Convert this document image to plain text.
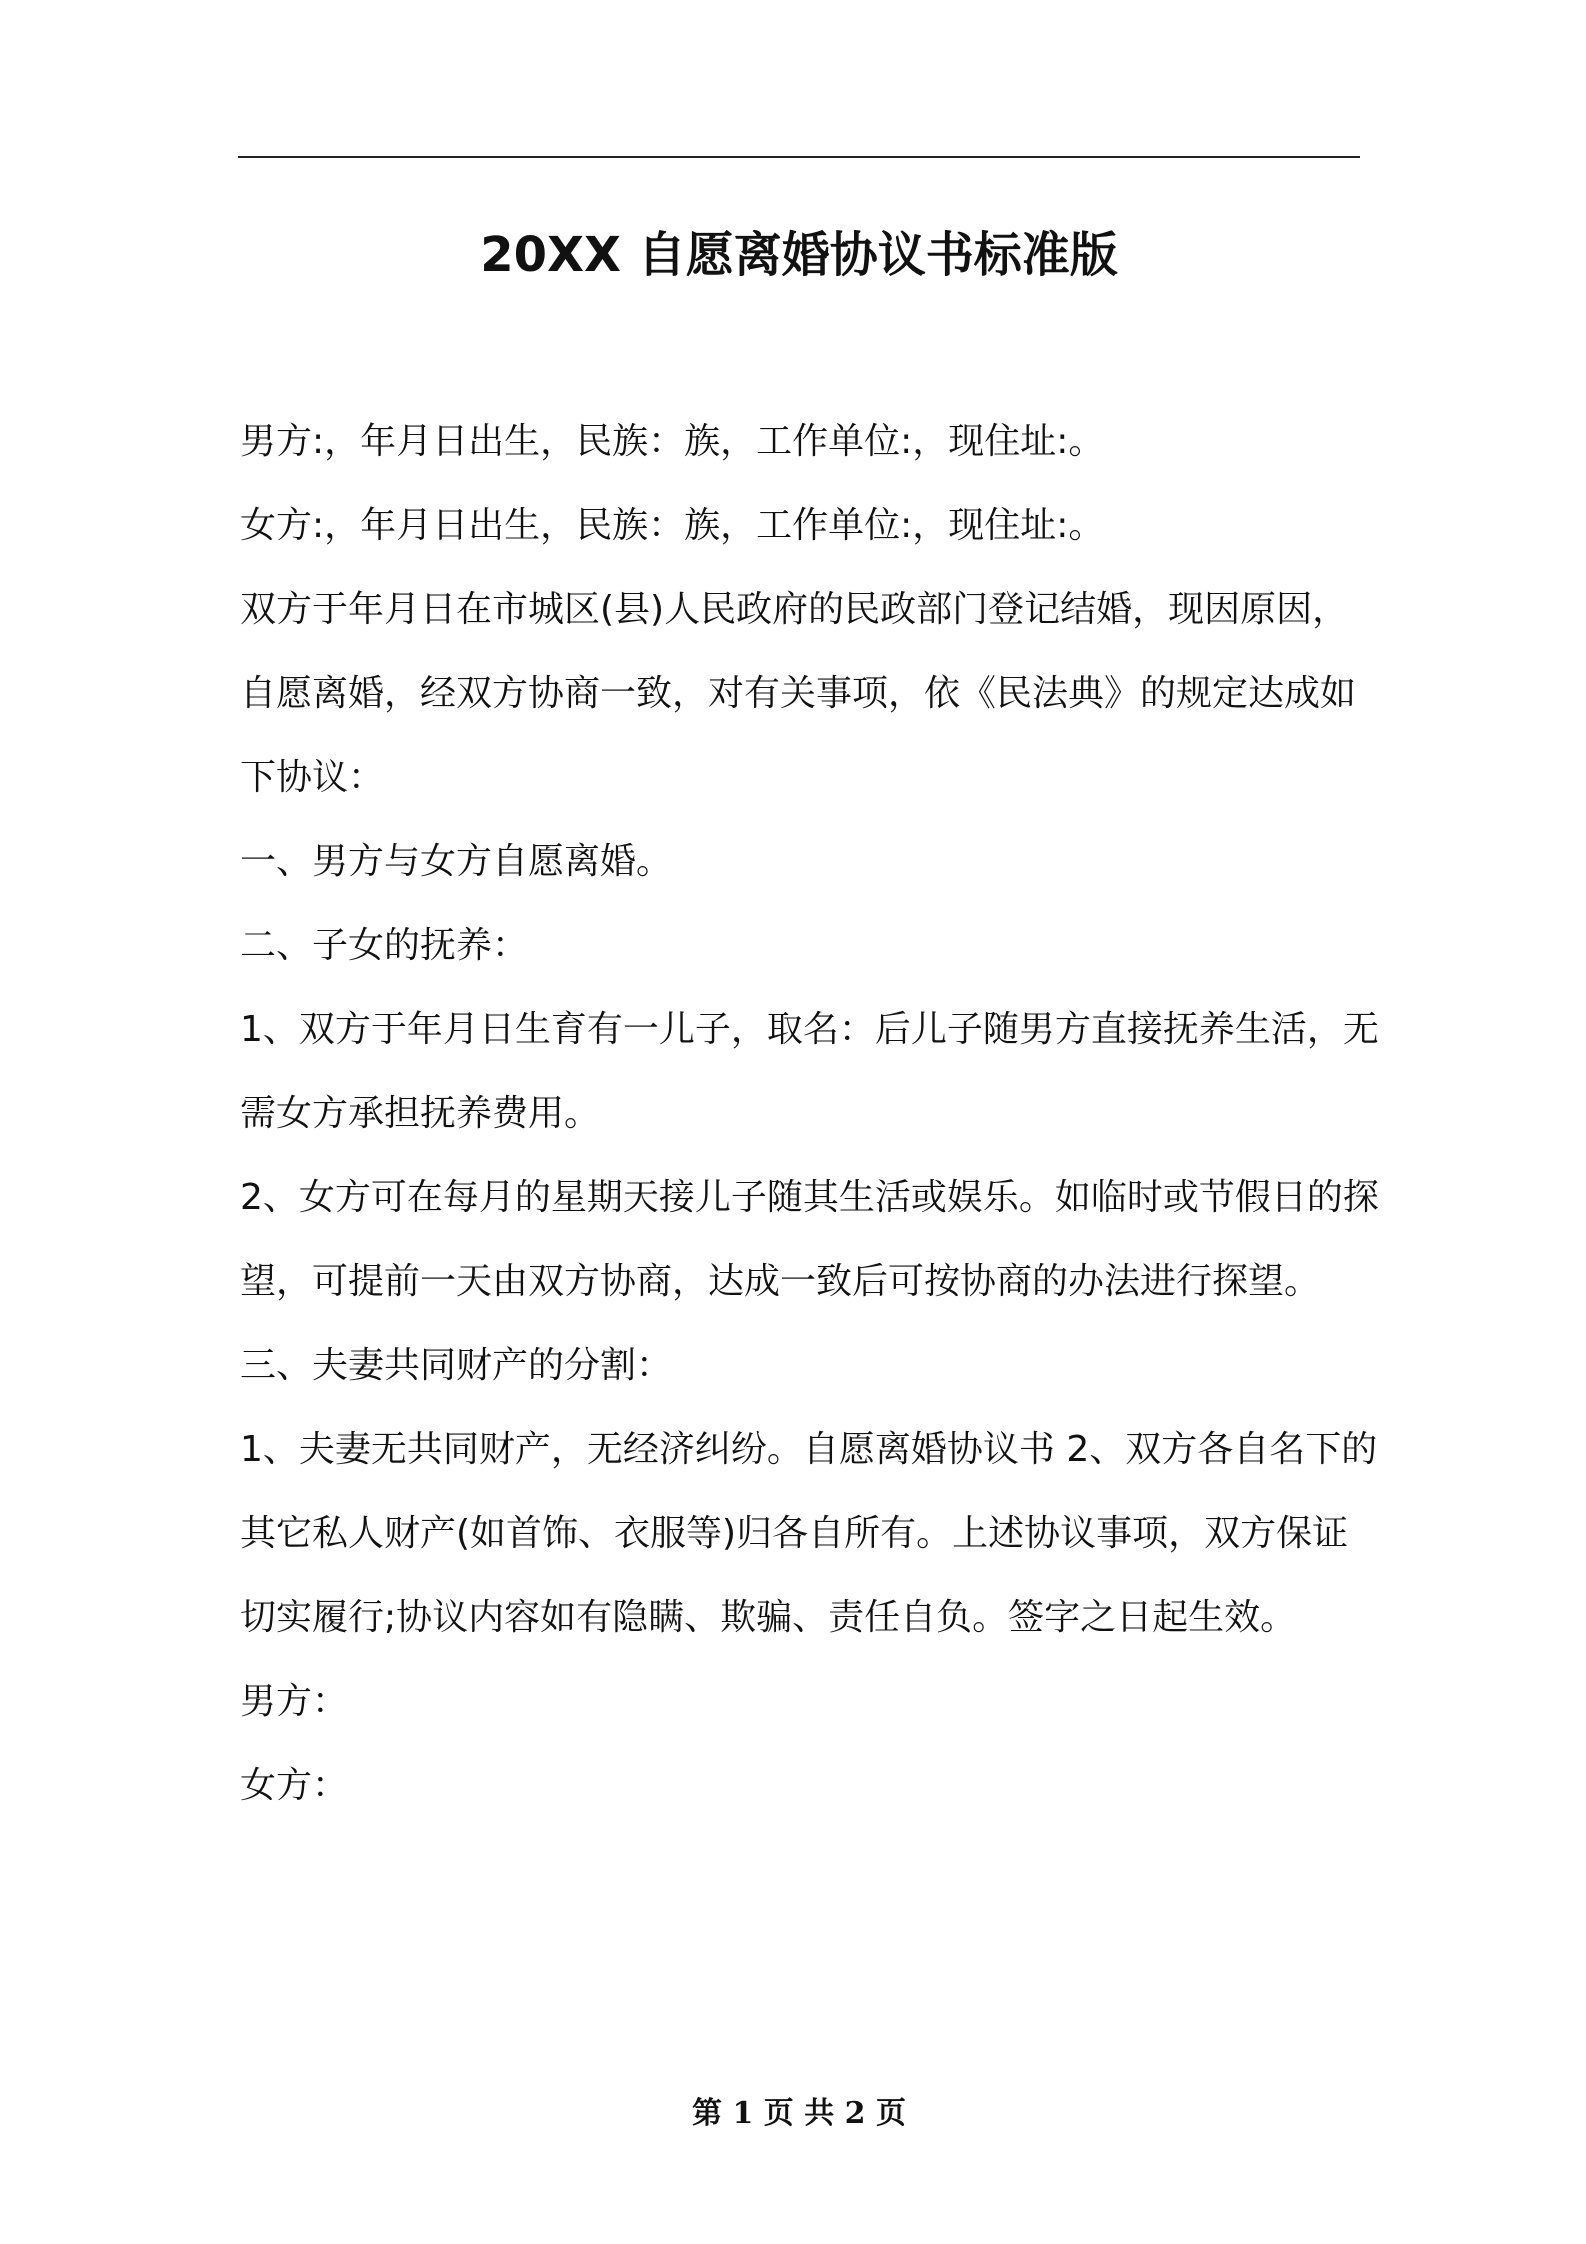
20XX 自愿离婚协议书标准版

男方:，年月日出生，民族：族，工作单位:，现住址:。

女方:，年月日出生，民族：族，工作单位:，现住址:。

双方于年月日在市城区(县)人民政府的民政部门登记结婚，现因原因，自愿离婚，经双方协商一致，对有关事项，依《民法典》的规定达成如下协议：

一、男方与女方自愿离婚。

二、子女的抚养：

1、双方于年月日生育有一儿子，取名：后儿子随男方直接抚养生活，无需女方承担抚养费用。

2、女方可在每月的星期天接儿子随其生活或娱乐。如临时或节假日的探望，可提前一天由双方协商，达成一致后可按协商的办法进行探望。

三、夫妻共同财产的分割：

1、夫妻无共同财产，无经济纠纷。自愿离婚协议书 2、双方各自名下的其它私人财产(如首饰、衣服等)归各自所有。上述协议事项，双方保证切实履行;协议内容如有隐瞒、欺骗、责任自负。签字之日起生效。

男方：

女方：

第 1 页 共 2 页
